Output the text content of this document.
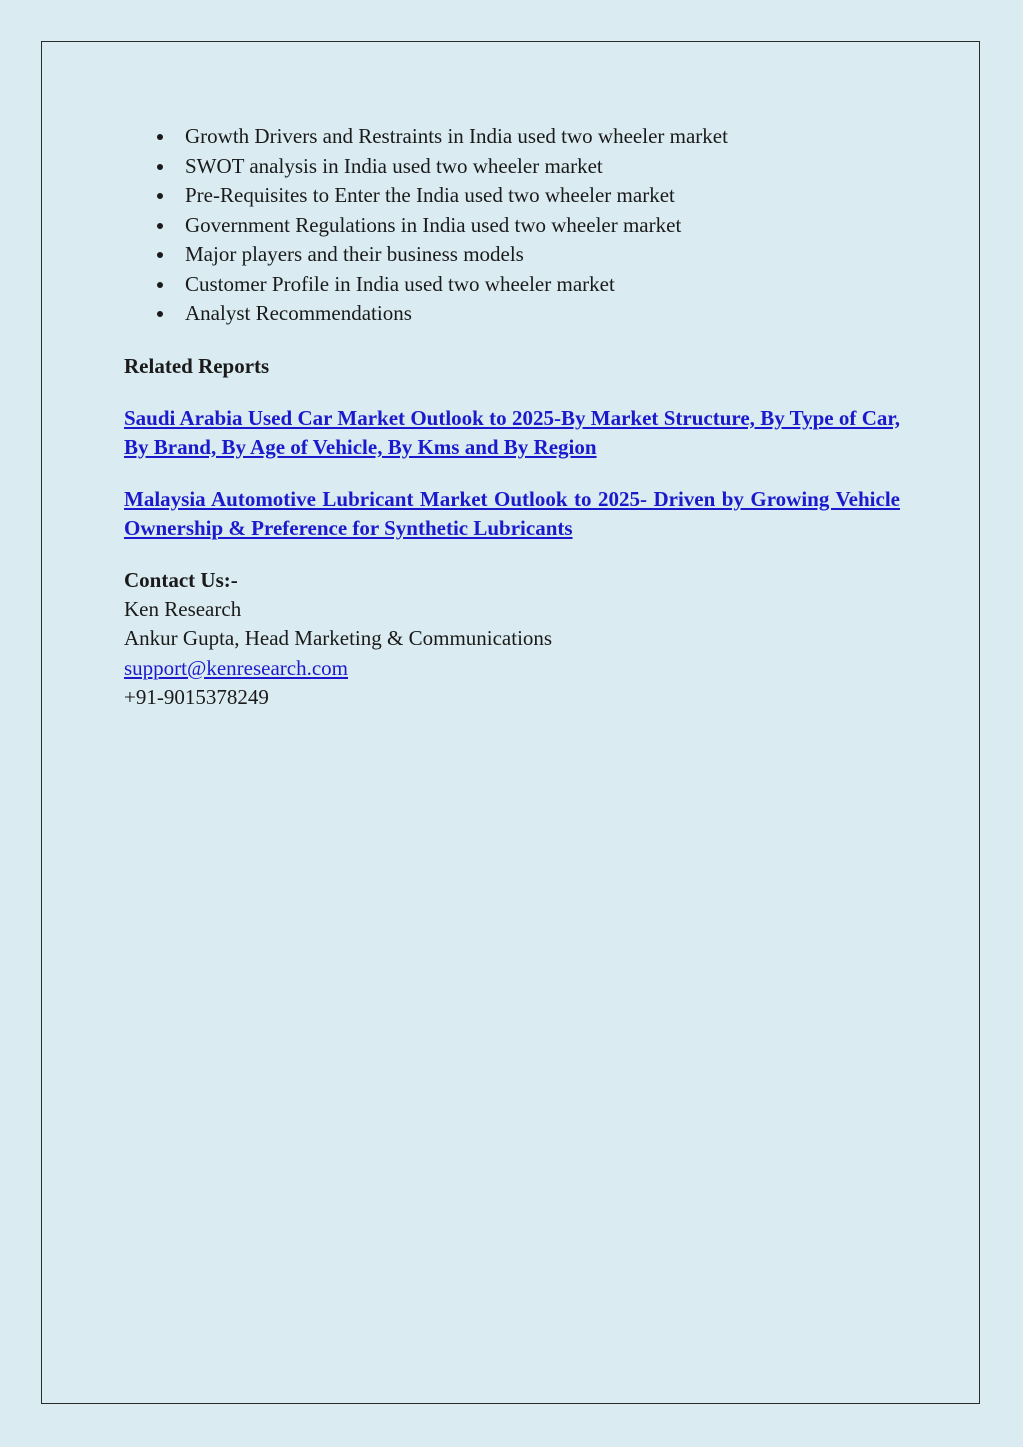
Growth Drivers and Restraints in India used two wheeler market
SWOT analysis in India used two wheeler market
Pre-Requisites to Enter the India used two wheeler market
Government Regulations in India used two wheeler market
Major players and their business models
Customer Profile in India used two wheeler market
Analyst Recommendations

Related Reports

Saudi Arabia Used Car Market Outlook to 2025-By Market Structure, By Type of Car, By Brand, By Age of Vehicle, By Kms and By Region
Malaysia Automotive Lubricant Market Outlook to 2025- Driven by Growing Vehicle Ownership & Preference for Synthetic Lubricants

Contact Us:-

Ken Research

Ankur Gupta, Head Marketing & Communications

support@kenresearch.com

+91-9015378249
